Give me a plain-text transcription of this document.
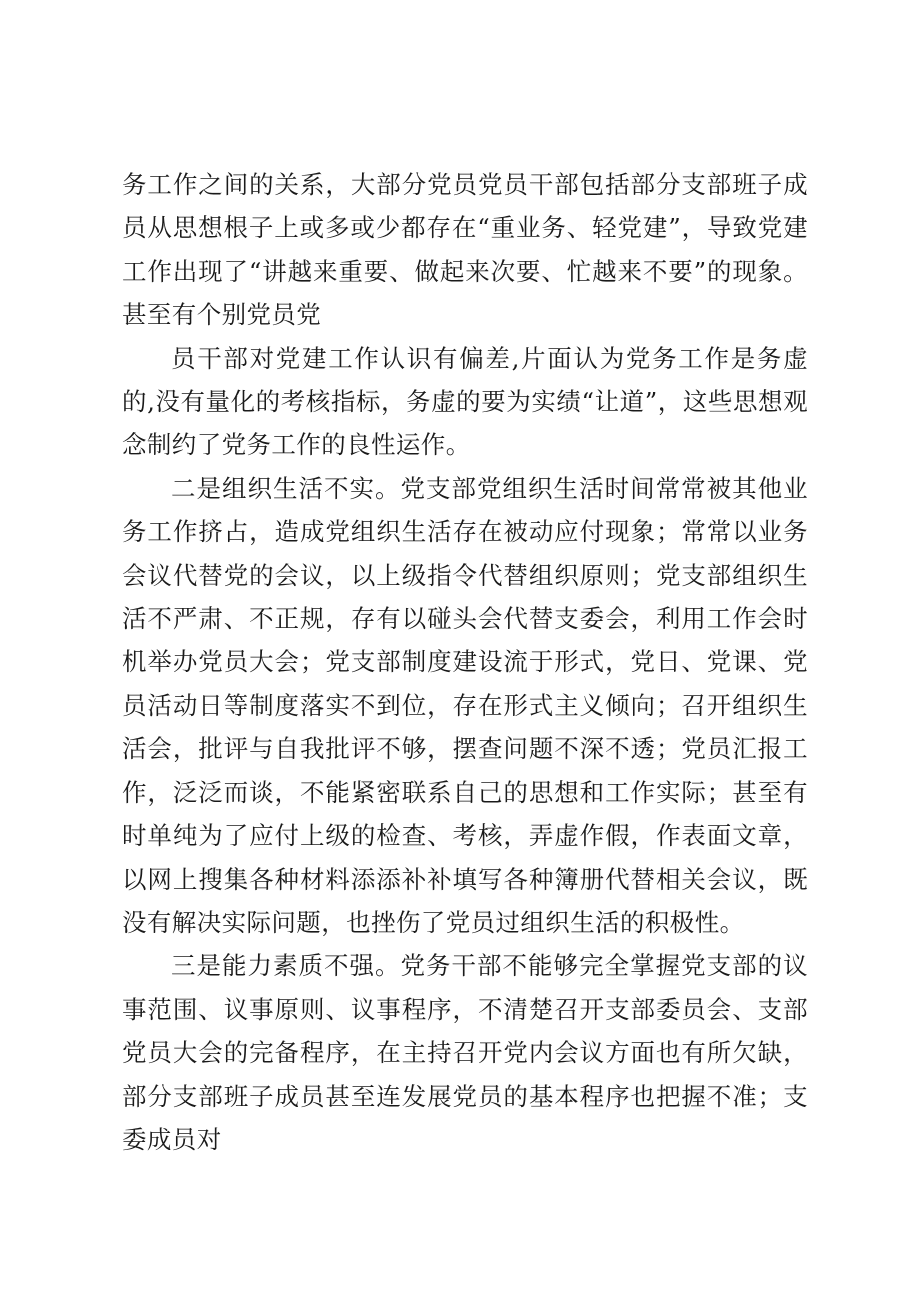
务工作之间的关系，大部分党员党员干部包括部分支部班子成员从思想根子上或多或少都存在“重业务、轻党建”，导致党建工作出现了“讲越来重要、做起来次要、忙越来不要”的现象。甚至有个别党员党

员干部对党建工作认识有偏差,片面认为党务工作是务虚的,没有量化的考核指标，务虚的要为实绩“让道”，这些思想观念制约了党务工作的良性运作。

二是组织生活不实。党支部党组织生活时间常常被其他业务工作挤占，造成党组织生活存在被动应付现象；常常以业务会议代替党的会议，以上级指令代替组织原则；党支部组织生活不严肃、不正规，存有以碰头会代替支委会，利用工作会时机举办党员大会；党支部制度建设流于形式，党日、党课、党员活动日等制度落实不到位，存在形式主义倾向；召开组织生活会，批评与自我批评不够，摆查问题不深不透；党员汇报工作，泛泛而谈，不能紧密联系自己的思想和工作实际；甚至有时单纯为了应付上级的检查、考核，弄虚作假，作表面文章，以网上搜集各种材料添添补补填写各种簿册代替相关会议，既没有解决实际问题，也挫伤了党员过组织生活的积极性。

三是能力素质不强。党务干部不能够完全掌握党支部的议事范围、议事原则、议事程序，不清楚召开支部委员会、支部党员大会的完备程序，在主持召开党内会议方面也有所欠缺，部分支部班子成员甚至连发展党员的基本程序也把握不准；支委成员对
